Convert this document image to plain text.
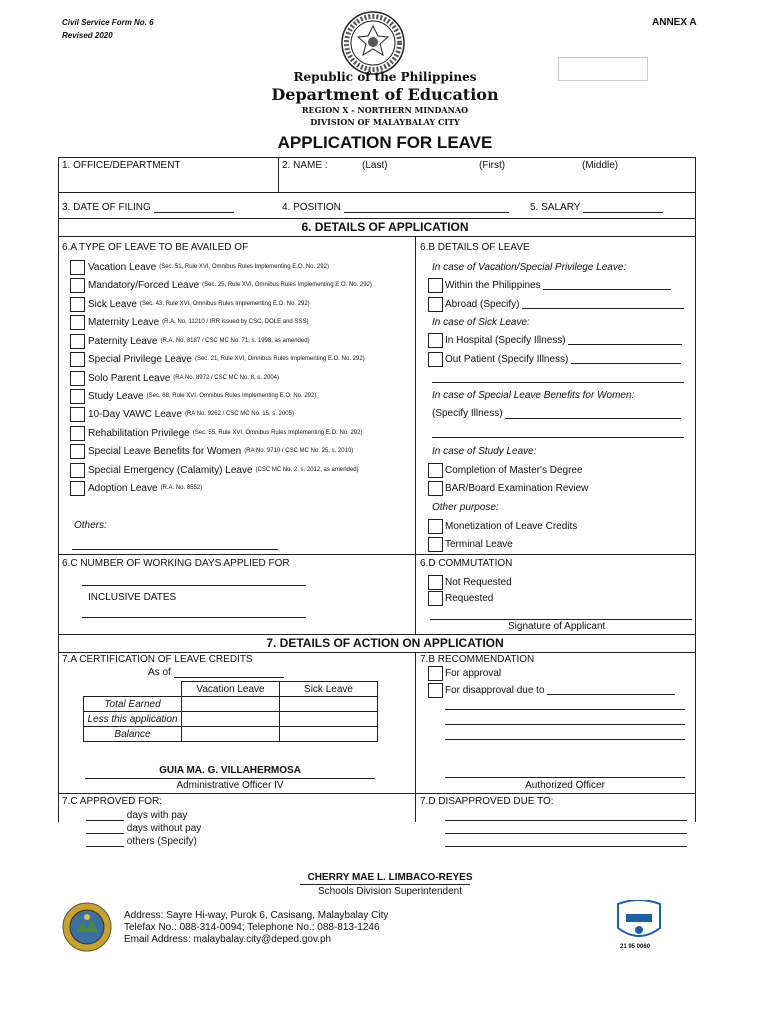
Civil Service Form No. 6
Revised 2020
ANNEX A
Republic of the Philippines
Department of Education
REGION X - NORTHERN MINDANAO
DIVISION OF MALAYBALAY CITY
APPLICATION FOR LEAVE
1. OFFICE/DEPARTMENT	2. NAME :	(Last)	(First)	(Middle)
3. DATE OF FILING	4. POSITION	5. SALARY
6. DETAILS OF APPLICATION
6.A TYPE OF LEAVE TO BE AVAILED OF	6.B DETAILS OF LEAVE
Vacation Leave (Sec. 51, Rule XVI, Omnibus Rules Implementing E.O. No. 292)
Mandatory/Forced Leave (Sec. 25, Rule XVI, Omnibus Rules Implementing E.O. No. 292)
Sick Leave (Sec. 43, Rule XVI, Omnibus Rules Implementing E.O. No. 292)
Maternity Leave (R.A. No. 11210 / IRR issued by CSC, DOLE and SSS)
Paternity Leave (R.A. No. 8187 / CSC MC No. 71, s. 1998, as amended)
Special Privilege Leave (Sec. 21, Rule XVI, Omnibus Rules Implementing E.O. No. 292)
Solo Parent Leave (RA No. 8972 / CSC MC No. 8, s. 2004)
Study Leave (Sec. 68, Rule XVI, Omnibus Rules Implementing E.O. No. 292)
10-Day VAWC Leave (RA No. 9262 / CSC MC No. 15, s. 2005)
Rehabilitation Privilege (Sec. 55, Rule XVI, Omnibus Rules Implementing E.O. No. 292)
Special Leave Benefits for Women (RA No. 9710 / CSC MC No. 25, s. 2010)
Special Emergency (Calamity) Leave (CSC MC No. 2, s. 2012, as amended)
Adoption Leave (R.A. No. 8552)
Others:
In case of Vacation/Special Privilege Leave:
Within the Philippines

Abroad (Specify)

In case of Sick Leave:
In Hospital (Specify Illness)

Out Patient (Specify Illness)

In case of Special Leave Benefits for Women:
(Specify Illness)
In case of Study Leave:
Completion of Master's Degree
BAR/Board Examination Review
Other purpose:
Monetization of Leave Credits
Terminal Leave
6.C NUMBER OF WORKING DAYS APPLIED FOR
INCLUSIVE DATES
6.D COMMUTATION
Not Requested
Requested
Signature of Applicant
7. DETAILS OF ACTION ON APPLICATION
7.A CERTIFICATION OF LEAVE CREDITS
As of
	Vacation Leave	Sick Leave
Total Earned		
Less this application		
Balance		
GUIA MA. G. VILLAHERMOSA
Administrative Officer IV
7.B RECOMMENDATION
For approval
For disapproval due to

Authorized Officer
7.C APPROVED FOR:
days with pay
days without pay
others (Specify)
7.D DISAPPROVED DUE TO:
CHERRY MAE L. LIMBACO-REYES
Schools Division Superintendent
Address: Sayre Hi-way, Purok 6, Casisang, Malaybalay City
Telefax No.: 088-314-0094; Telephone No.: 088-813-1246
Email Address: malaybalay.city@deped.gov.ph
21 95 0060
